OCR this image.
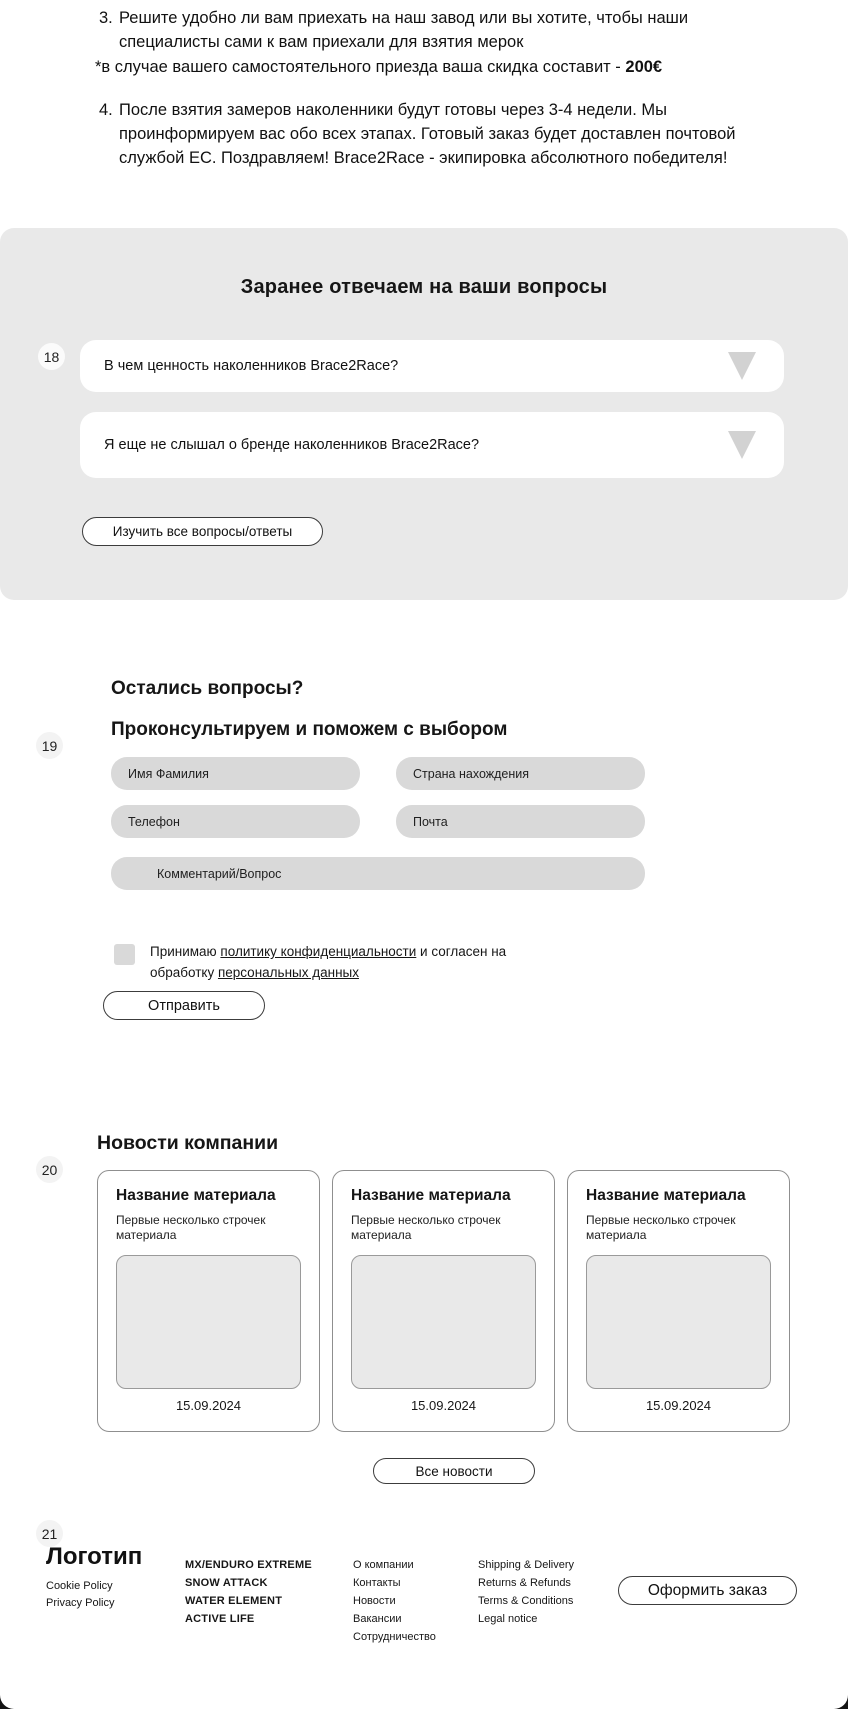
3. Решите удобно ли вам приехать на наш завод или вы хотите, чтобы наши
специалисты сами к вам приехали для взятия мерок
*в случае вашего самостоятельного приезда ваша скидка составит - 200€
4. После взятия замеров наколенники будут готовы через 3-4 недели. Мы
проинформируем вас обо всех этапах. Готовый заказ будет доставлен почтовой
службой ЕС. Поздравляем! Brace2Race - экипировка абсолютного победителя!
Заранее отвечаем на ваши вопросы
18
В чем ценность наколенников Brace2Race?
Я еще не слышал о бренде наколенников Brace2Race?
Изучить все вопросы/ответы
Остались вопросы?
Проконсультируем и поможем с выбором
19
Имя Фамилия
Страна нахождения
Телефон
Почта
Комментарий/Вопрос
Принимаю политику конфиденциальности и согласен на обработку персональных данных
Отправить
Новости компании
20
Название материала
Первые несколько строчек материала
15.09.2024
Название материала
Первые несколько строчек материала
15.09.2024
Название материала
Первые несколько строчек материала
15.09.2024
Все новости
21
Логотип
Cookie Policy
Privacy Policy
MX/ENDURO EXTREME
SNOW ATTACK
WATER ELEMENT
ACTIVE LIFE
О компании
Контакты
Новости
Вакансии
Сотрудничество
Shipping & Delivery
Returns & Refunds
Terms & Conditions
Legal notice
Оформить заказ
